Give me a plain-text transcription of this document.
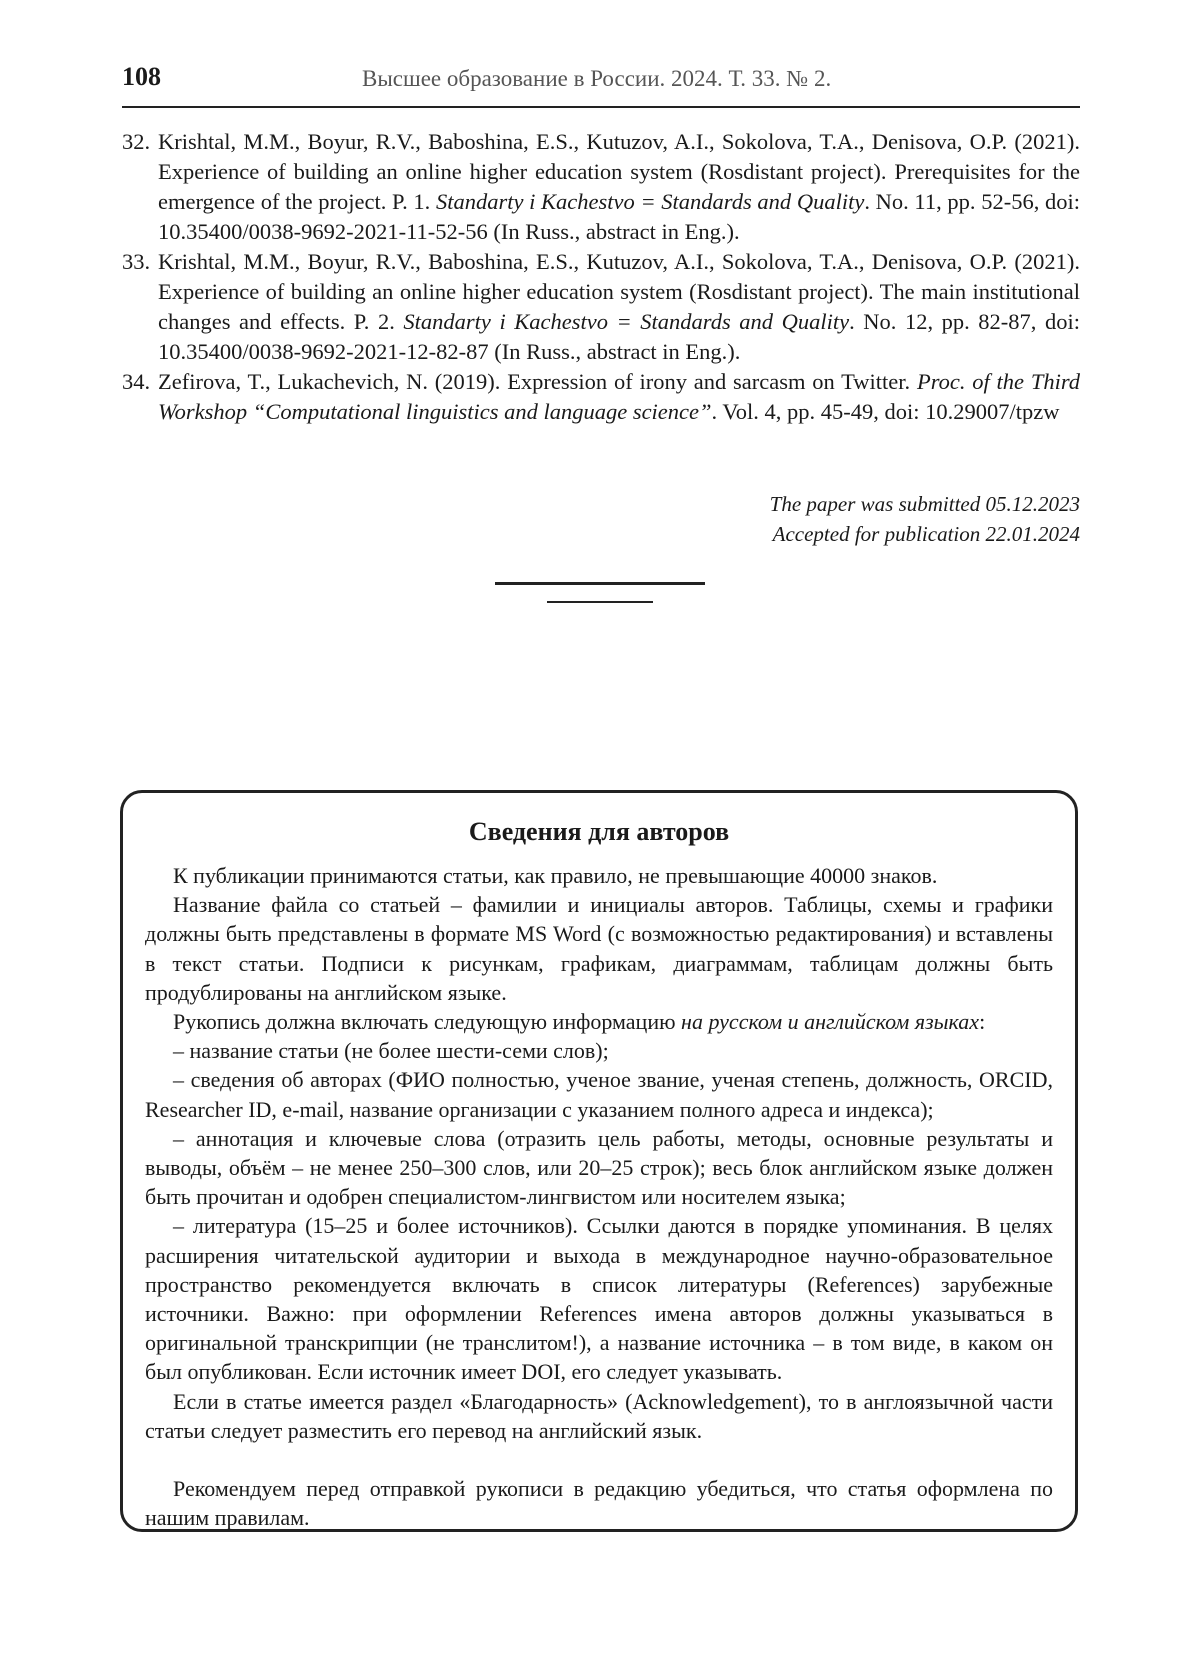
108	Высшее образование в России. 2024. Т. 33. № 2.
32. Krishtal, M.M., Boyur, R.V., Baboshina, E.S., Kutuzov, A.I., Sokolova, T.A., Denisova, O.P. (2021). Experience of building an online higher education system (Rosdistant project). Prerequisites for the emergence of the project. P. 1. Standarty i Kachestvo = Standards and Quality. No. 11, pp. 52-56, doi: 10.35400/0038-9692-2021-11-52-56 (In Russ., abstract in Eng.).
33. Krishtal, M.M., Boyur, R.V., Baboshina, E.S., Kutuzov, A.I., Sokolova, T.A., Denisova, O.P. (2021). Experience of building an online higher education system (Rosdistant project). The main institutional changes and effects. P. 2. Standarty i Kachestvo = Standards and Quality. No. 12, pp. 82-87, doi: 10.35400/0038-9692-2021-12-82-87 (In Russ., abstract in Eng.).
34. Zefirova, T., Lukachevich, N. (2019). Expression of irony and sarcasm on Twitter. Proc. of the Third Workshop “Computational linguistics and language science”. Vol. 4, pp. 45-49, doi: 10.29007/tpzw
The paper was submitted 05.12.2023
Accepted for publication 22.01.2024
Сведения для авторов

К публикации принимаются статьи, как правило, не превышающие 40000 знаков.

Название файла со статьей – фамилии и инициалы авторов. Таблицы, схемы и графики должны быть представлены в формате MS Word (с возможностью редактирования) и вставлены в текст статьи. Подписи к рисункам, графикам, диаграммам, таблицам должны быть продублированы на английском языке.

Рукопись должна включать следующую информацию на русском и английском языках:

– название статьи (не более шести-семи слов);

– сведения об авторах (ФИО полностью, ученое звание, ученая степень, должность, ORCID, Researcher ID, e-mail, название организации с указанием полного адреса и индекса);

– аннотация и ключевые слова (отразить цель работы, методы, основные результаты и выводы, объём – не менее 250–300 слов, или 20–25 строк); весь блок английском языке должен быть прочитан и одобрен специалистом-лингвистом или носителем языка;

– литература (15–25 и более источников). Ссылки даются в порядке упоминания. В целях расширения читательской аудитории и выхода в международное научно-образовательное пространство рекомендуется включать в список литературы (References) зарубежные источники. Важно: при оформлении References имена авторов должны указываться в оригинальной транскрипции (не транслитом!), а название источника – в том виде, в каком он был опубликован. Если источник имеет DOI, его следует указывать.

Если в статье имеется раздел «Благодарность» (Acknowledgement), то в англоязычной части статьи следует разместить его перевод на английский язык.

Рекомендуем перед отправкой рукописи в редакцию убедиться, что статья оформлена по нашим правилам.
